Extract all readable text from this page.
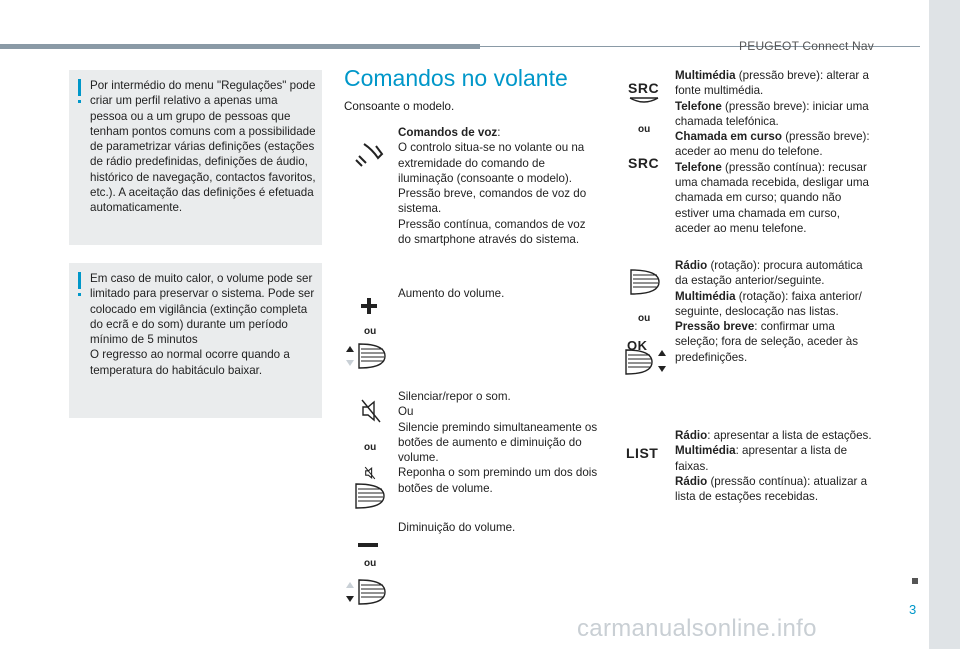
PEUGEOT Connect Nav
3

Por intermédio do menu "Regulações" pode criar um perfil relativo a apenas uma pessoa ou a um grupo de pessoas que tenham pontos comuns com a possibilidade de parametrizar várias definições (estações de rádio predefinidas, definições de áudio, histórico de navegação, contactos favoritos, etc.). A aceitação das definições é efetuada automaticamente.

Em caso de muito calor, o volume pode ser limitado para preservar o sistema. Pode ser colocado em vigilância (extinção completa do ecrã e do som) durante um período mínimo de 5 minutos
O regresso ao normal ocorre quando a temperatura do habitáculo baixar.

Comandos no volante
Consoante o modelo.
Comandos de voz:
O controlo situa-se no volante ou na extremidade do comando de iluminação (consoante o modelo).
Pressão breve, comandos de voz do sistema.
Pressão contínua, comandos de voz do smartphone através do sistema.
ou
Aumento do volume.
ou
Silenciar/repor o som.
Ou
Silencie premindo simultaneamente os botões de aumento e diminuição do volume.
Reponha o som premindo um dos dois botões de volume.
ou
Diminuição do volume.
SRC
ou
SRC
Multimédia (pressão breve): alterar a fonte multimédia.
Telefone (pressão breve): iniciar uma chamada telefónica.
Chamada em curso (pressão breve): aceder ao menu do telefone.
Telefone (pressão contínua): recusar uma chamada recebida, desligar uma chamada em curso; quando não estiver uma chamada em curso, aceder ao menu telefone.
ou
OK
Rádio (rotação): procura automática da estação anterior/seguinte.
Multimédia (rotação): faixa anterior/ seguinte, deslocação nas listas.
Pressão breve: confirmar uma seleção; fora de seleção, aceder às predefinições.
LIST
Rádio: apresentar a lista de estações.
Multimédia: apresentar a lista de faixas.
Rádio (pressão contínua): atualizar a lista de estações recebidas.
carmanualsonline.info
